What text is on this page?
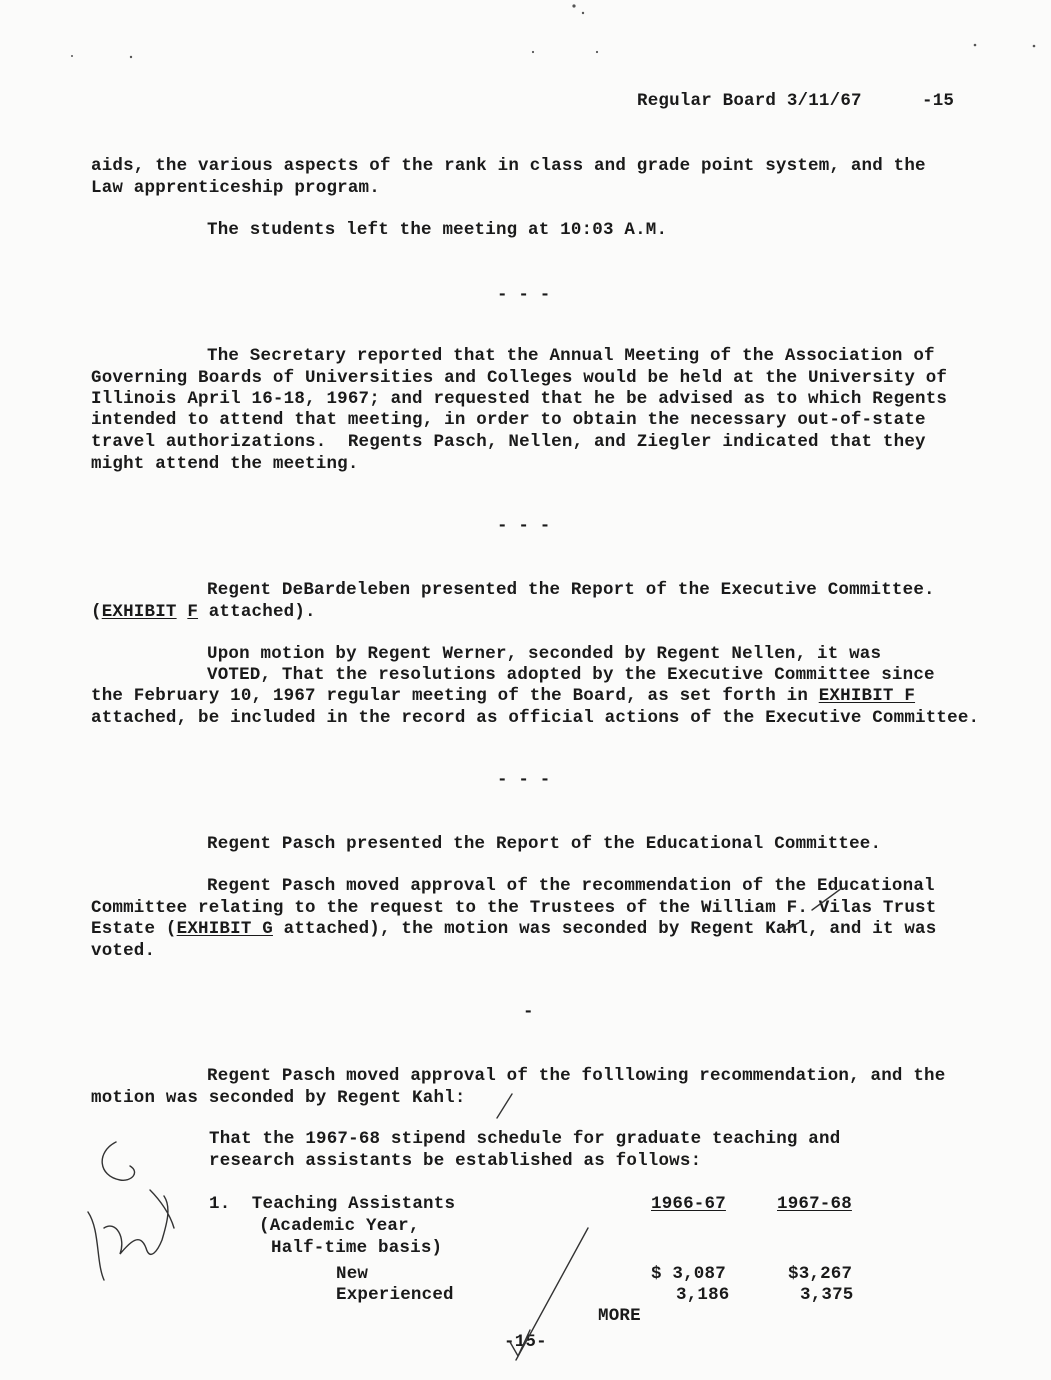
Regular Board 3/11/67	-15
aids, the various aspects of the rank in class and grade point system, and the
Law apprenticeship program.
The students left the meeting at 10:03 A.M.
- - -
The Secretary reported that the Annual Meeting of the Association of
Governing Boards of Universities and Colleges would be held at the University of
Illinois April 16-18, 1967; and requested that he be advised as to which Regents
intended to attend that meeting, in order to obtain the necessary out-of-state
travel authorizations.  Regents Pasch, Nellen, and Ziegler indicated that they
might attend the meeting.
- - -
Regent DeBardeleben presented the Report of the Executive Committee.
(EXHIBIT F attached).
Upon motion by Regent Werner, seconded by Regent Nellen, it was
VOTED, That the resolutions adopted by the Executive Committee since
the February 10, 1967 regular meeting of the Board, as set forth in EXHIBIT F
attached, be included in the record as official actions of the Executive Committee.
- - -
Regent Pasch presented the Report of the Educational Committee.
Regent Pasch moved approval of the recommendation of the Educational
Committee relating to the request to the Trustees of the William F. Vilas Trust
Estate (EXHIBIT G attached), the motion was seconded by Regent Kahl, and it was
voted.
-
Regent Pasch moved approval of the folllowing recommendation, and the
motion was seconded by Regent Kahl:
That the 1967-68 stipend schedule for graduate teaching and
research assistants be established as follows:
1.  Teaching Assistants	1966-67	1967-68
(Academic Year,
Half-time basis)
New	$ 3,087	$3,267
Experienced	3,186	3,375
MORE
-15-
